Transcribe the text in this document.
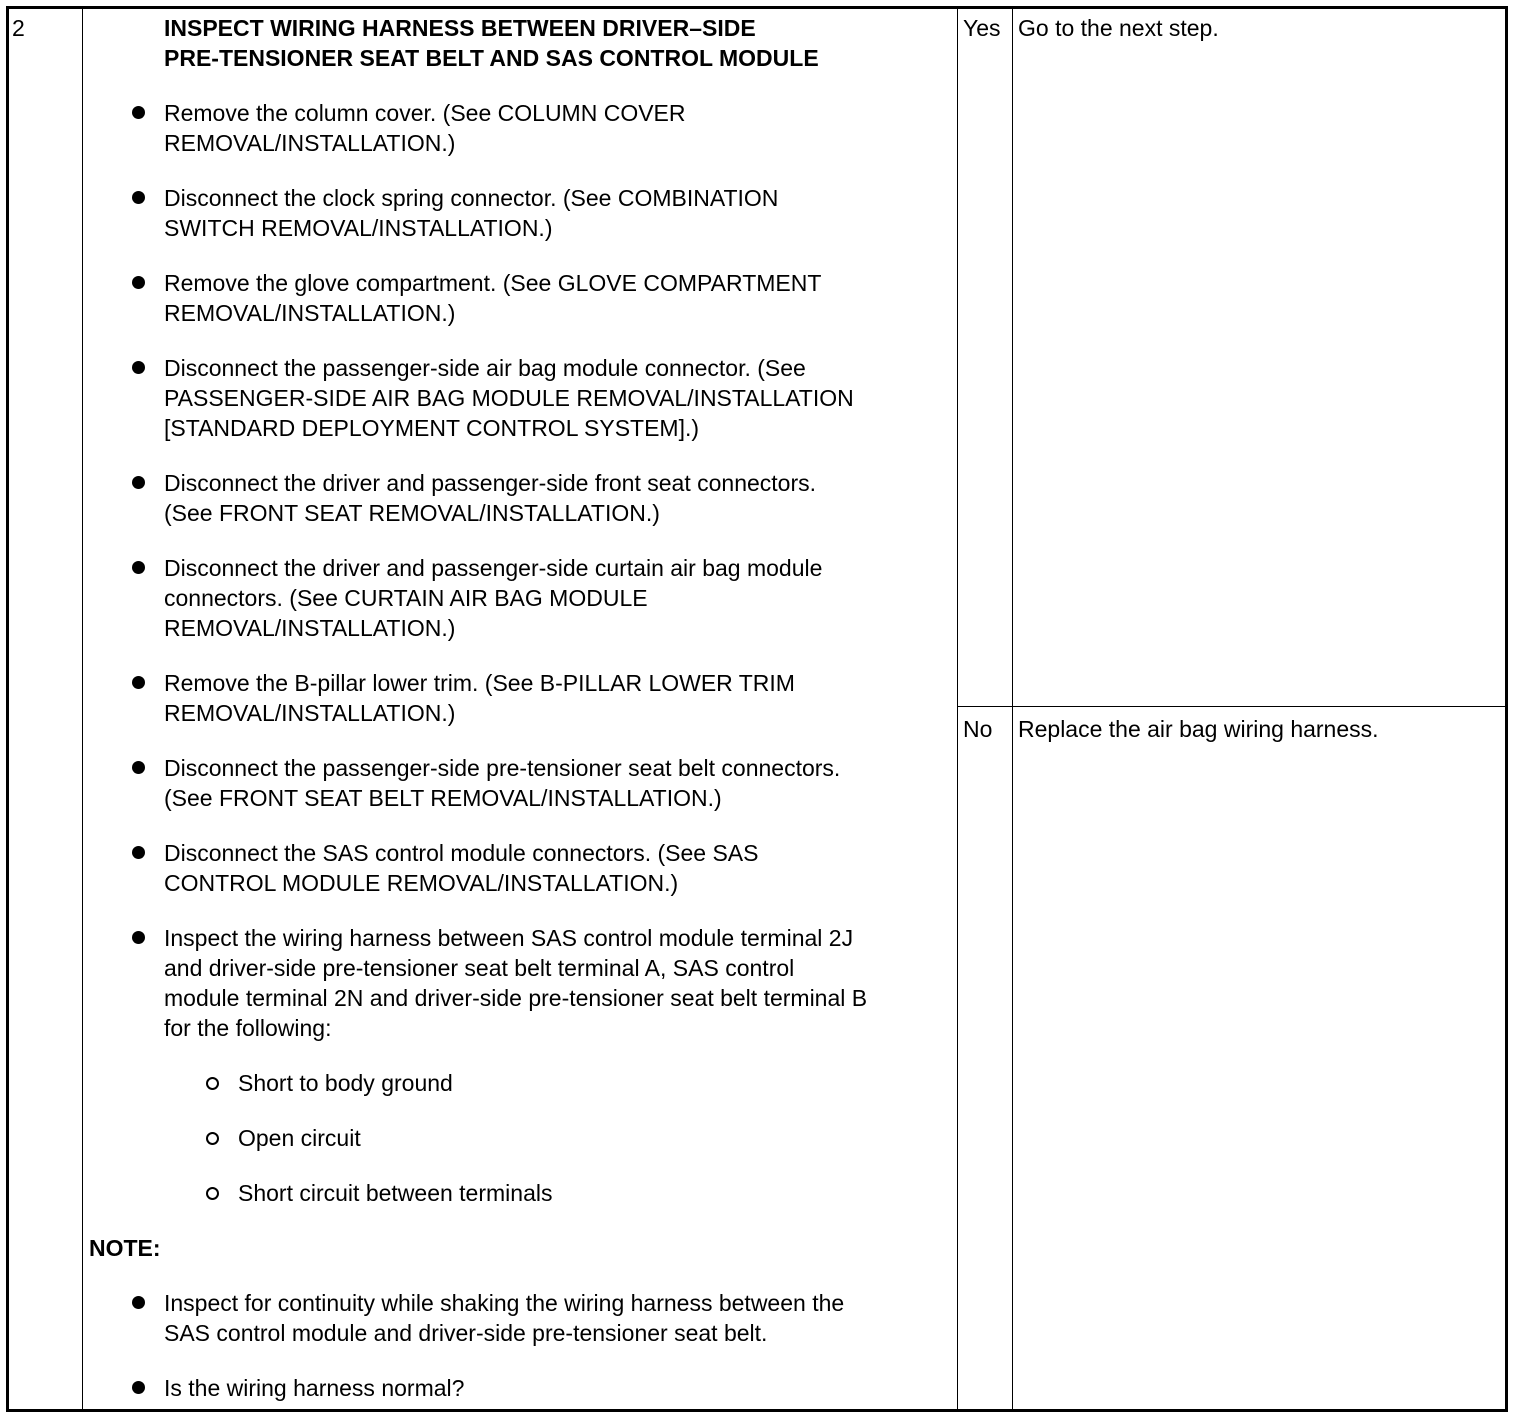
2	INSPECT WIRING HARNESS BETWEEN DRIVER–SIDE
PRE-TENSIONER SEAT BELT AND SAS CONTROL MODULE
Remove the column cover. (See COLUMN COVER
REMOVAL/INSTALLATION.)
Disconnect the clock spring connector. (See COMBINATION
SWITCH REMOVAL/INSTALLATION.)
Remove the glove compartment. (See GLOVE COMPARTMENT
REMOVAL/INSTALLATION.)
Disconnect the passenger-side air bag module connector. (See
PASSENGER-SIDE AIR BAG MODULE REMOVAL/INSTALLATION
[STANDARD DEPLOYMENT CONTROL SYSTEM].)
Disconnect the driver and passenger-side front seat connectors.
(See FRONT SEAT REMOVAL/INSTALLATION.)
Disconnect the driver and passenger-side curtain air bag module
connectors. (See CURTAIN AIR BAG MODULE
REMOVAL/INSTALLATION.)
Remove the B-pillar lower trim. (See B-PILLAR LOWER TRIM
REMOVAL/INSTALLATION.)
Disconnect the passenger-side pre-tensioner seat belt connectors.
(See FRONT SEAT BELT REMOVAL/INSTALLATION.)
Disconnect the SAS control module connectors. (See SAS
CONTROL MODULE REMOVAL/INSTALLATION.)
Inspect the wiring harness between SAS control module terminal 2J
and driver-side pre-tensioner seat belt terminal A, SAS control
module terminal 2N and driver-side pre-tensioner seat belt terminal B
for the following:
Short to body ground
Open circuit
Short circuit between terminals
NOTE:
Inspect for continuity while shaking the wiring harness between the
SAS control module and driver-side pre-tensioner seat belt.
Is the wiring harness normal?
Yes Go to the next step.
No Replace the air bag wiring harness.
